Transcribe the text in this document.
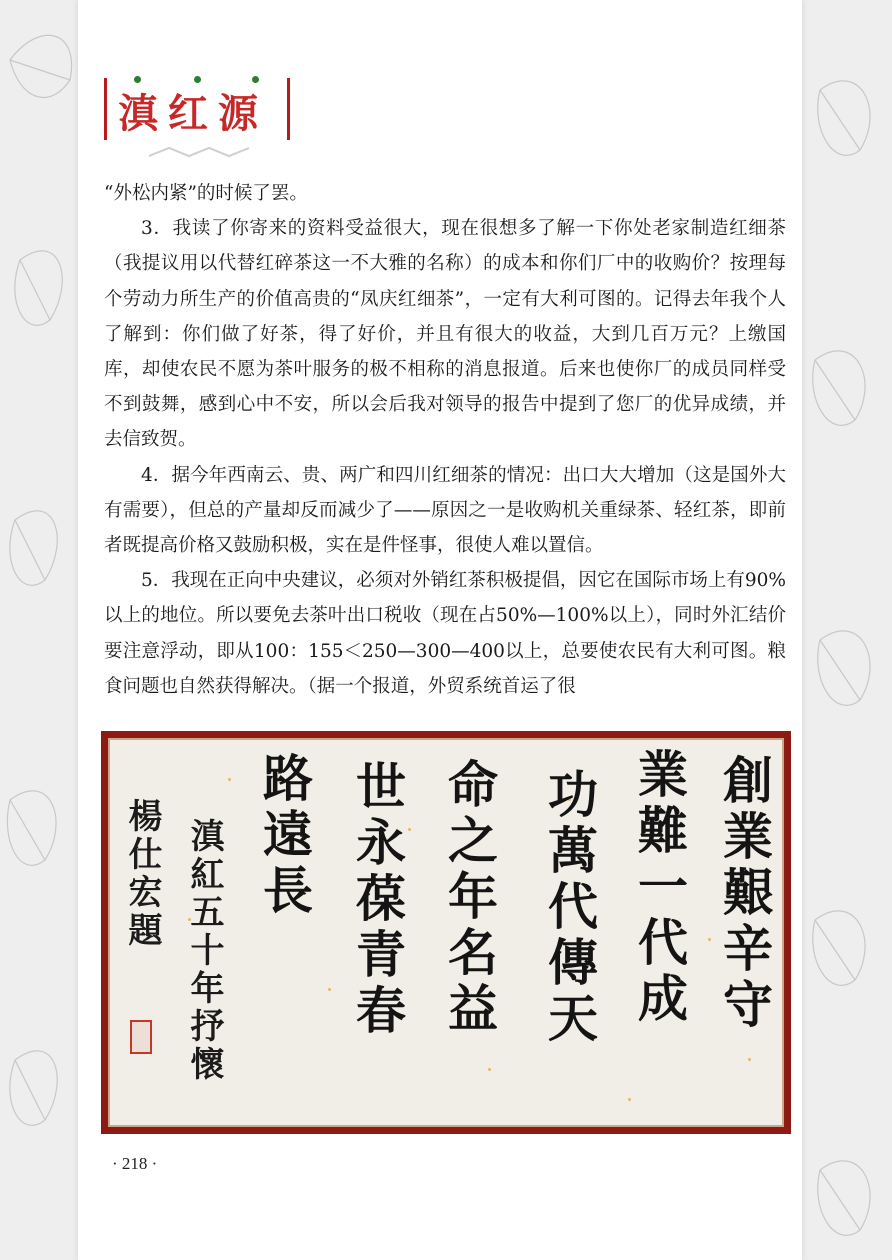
滇红源

“外松内紧”的时候了罢。

3．我读了你寄来的资料受益很大，现在很想多了解一下你处老家制造红细茶（我提议用以代替红碎茶这一不大雅的名称）的成本和你们厂中的收购价？按理每个劳动力所生产的价值高贵的“凤庆红细茶”，一定有大利可图的。记得去年我个人了解到：你们做了好茶，得了好价，并且有很大的收益，大到几百万元？上缴国库，却使农民不愿为茶叶服务的极不相称的消息报道。后来也使你厂的成员同样受不到鼓舞，感到心中不安，所以会后我对领导的报告中提到了您厂的优异成绩，并去信致贺。

4．据今年西南云、贵、两广和四川红细茶的情况：出口大大增加（这是国外大有需要），但总的产量却反而减少了——原因之一是收购机关重绿茶、轻红茶，即前者既提高价格又鼓励积极，实在是件怪事，很使人难以置信。

5．我现在正向中央建议，必须对外销红茶积极提倡，因它在国际市场上有90%以上的地位。所以要免去茶叶出口税收（现在占50%—100%以上），同时外汇结价要注意浮动，即从100：155＜250—300—400以上，总要使农民有大利可图。粮食问题也自然获得解决。（据一个报道，外贸系统首运了很

創業艱辛守
業難一代成
功萬代傳天
命之年名益
世永葆青春
路遠長
滇紅五十年抒懷
楊仕宏題
· 218 ·
